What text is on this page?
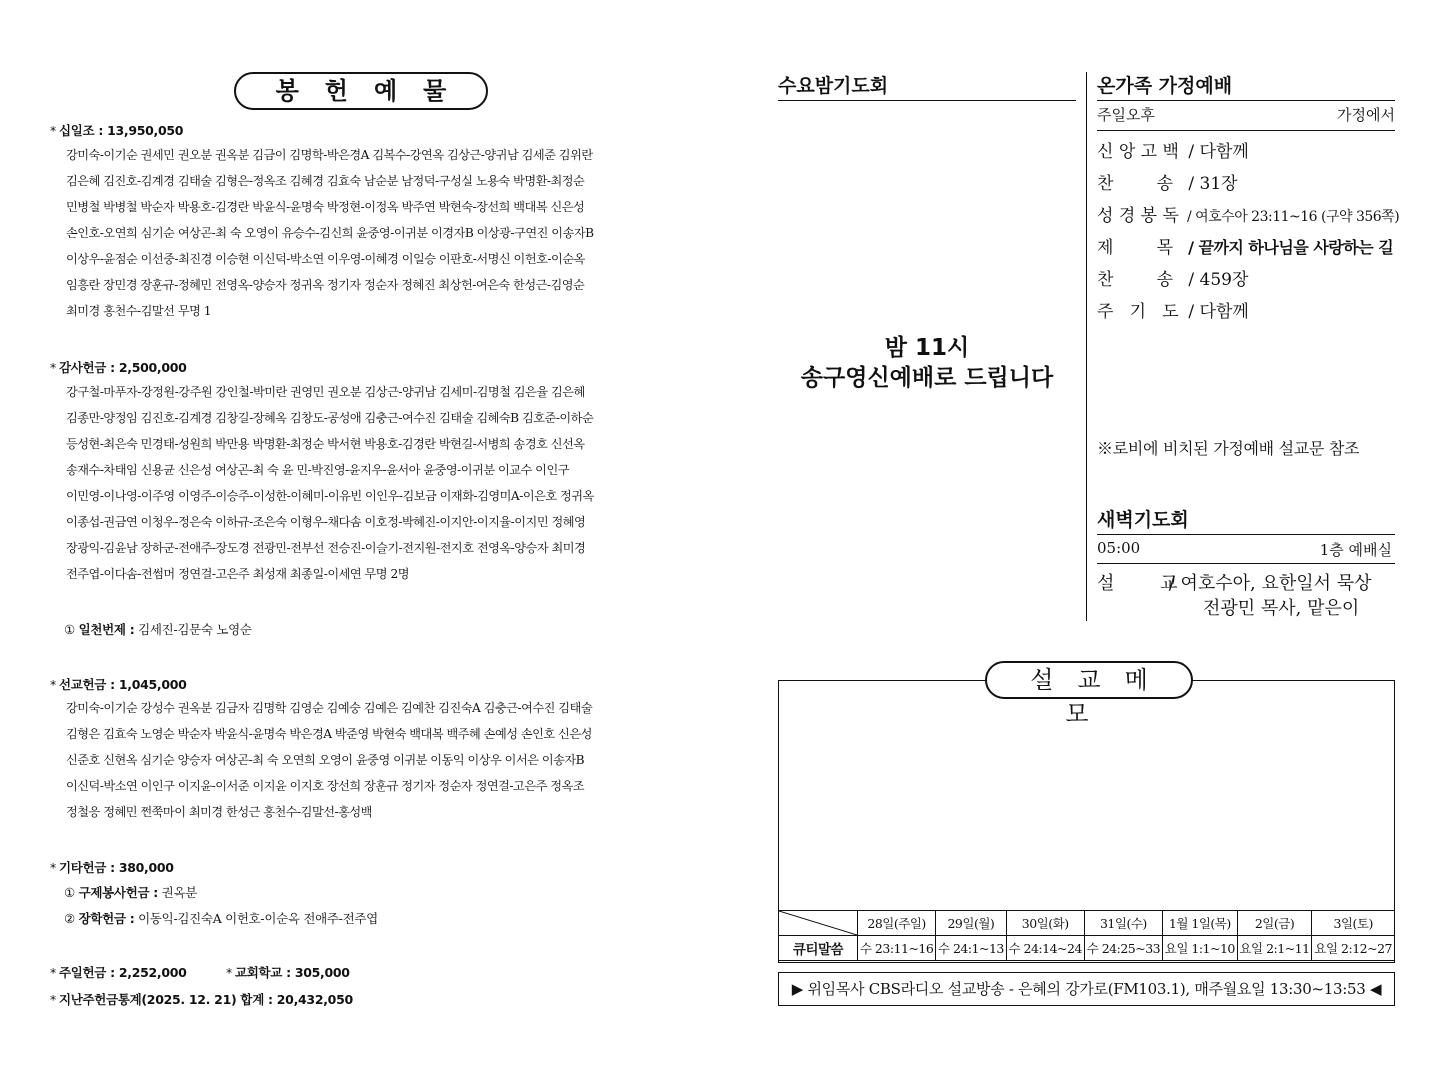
봉헌예물
* 십일조 : 13,950,050
강미숙-이기순 권세민 권오분 권옥분 김금이 김명학-박은경A 김복수-강연옥 김상근-양귀남 김세준 김위란
김은혜 김진호-김계경 김태술 김형은-정옥조 김혜경 김효숙 남순분 남정덕-구성실 노용숙 박명환-최정순
민병철 박병철 박순자 박용호-김경란 박윤식-윤명숙 박정현-이정옥 박주연 박현숙-장선희 백대복 신은성
손인호-오연희 심기순 여상곤-최 숙 오영이 유승수-김신희 윤중영-이귀분 이경자B 이상광-구연진 이송자B
이상우-윤점순 이선중-최진경 이승현 이신덕-박소연 이우영-이혜경 이일승 이판호-서명신 이헌호-이순옥
임흥란 장민경 장훈규-정혜민 전영옥-양승자 정귀옥 정기자 정순자 정혜진 최상헌-여은숙 한성근-김영순
최미경 홍천수-김말선 무명 1
* 감사헌금 : 2,500,000
강구철-마푸자-강정원-강주원 강인철-박미란 권영민 권오분 김상근-양귀남 김세미-김명철 김은율 김은혜
김종만-양정임 김진호-김계경 김창길-장혜옥 김창도-공성애 김충근-여수진 김태술 김혜숙B 김호준-이하순
등성현-최은숙 민경태-성원희 박만용 박명환-최정순 박서현 박용호-김경란 박현길-서병희 송경호 신선옥
송재수-차태임 신용균 신은성 여상곤-최 숙 윤 민-박진영-윤지우-윤서아 윤중영-이귀분 이교수 이인구
이민영-이나영-이주영 이영주-이승주-이성한-이혜미-이유빈 이인우-김보금 이재화-김영미A-이은호 정귀옥
이종섭-권금연 이청우-정은숙 이하규-조은숙 이형우-채다솜 이호정-박혜진-이지안-이지율-이지민 정혜영
장광익-김윤남 장하군-전애주-장도경 전광민-전부선 전승진-이슬기-전지원-전지호 전영옥-양승자 최미경
전주엽-이다솜-전썸머 정연걸-고은주 최성재 최종일-이세연 무명 2명
① 일천번제 : 김세진-김문숙 노영순
* 선교헌금 : 1,045,000
강미숙-이기순 강성수 권옥분 김금자 김명학 김영순 김예숭 김예은 김예찬 김진숙A 김충근-여수진 김태술
김형은 김효숙 노영순 박순자 박윤식-윤명숙 박은경A 박준영 박현숙 백대복 백주혜 손예성 손인호 신은성
신준호 신현옥 심기순 양승자 여상곤-최 숙 오연희 오영이 윤중영 이귀분 이동익 이상우 이서은 이송자B
이신덕-박소연 이인구 이지윤-이서준 이지윤 이지호 장선희 장훈규 정기자 정순자 정연걸-고은주 정옥조
정철응 정혜민 쩐쭉마이 최미경 한성근 홍천수-김말선-홍성백
* 기타헌금 : 380,000
① 구제봉사헌금 : 권옥분
② 장학헌금 : 이동익-김진숙A 이헌호-이순옥 전애주-전주엽
* 주일헌금 : 2,252,000	* 교회학교 : 305,000
* 지난주헌금통계(2025. 12. 21) 합계 : 20,432,050
수요밤기도회
밤 11시
송구영신예배로 드립니다
온가족 가정예배
주일오후	가정에서
신 앙 고 백 / 다함께
찬        송 / 31장
성 경 봉 독 / 여호수아 23:11~16 (구약 356쪽)
제        목 / 끝까지 하나님을 사랑하는 길
찬        송 / 459장
주   기   도 / 다함께
※로비에 비치된 가정예배 설교문 참조
새벽기도회
05:00	1층 예배실
설        교 / 여호수아, 요한일서 묵상
전광민 목사, 맡은이
설교메모
	28일(주일)	29일(월)	30일(화)	31일(수)	1월 1일(목)	2일(금)	3일(토)
큐티말씀	수 23:11~16	수 24:1~13	수 24:14~24	수 24:25~33	요일 1:1~10	요일 2:1~11	요일 2:12~27
▶ 위임목사 CBS라디오 설교방송 - 은혜의 강가로(FM103.1), 매주월요일 13:30~13:53 ◀
